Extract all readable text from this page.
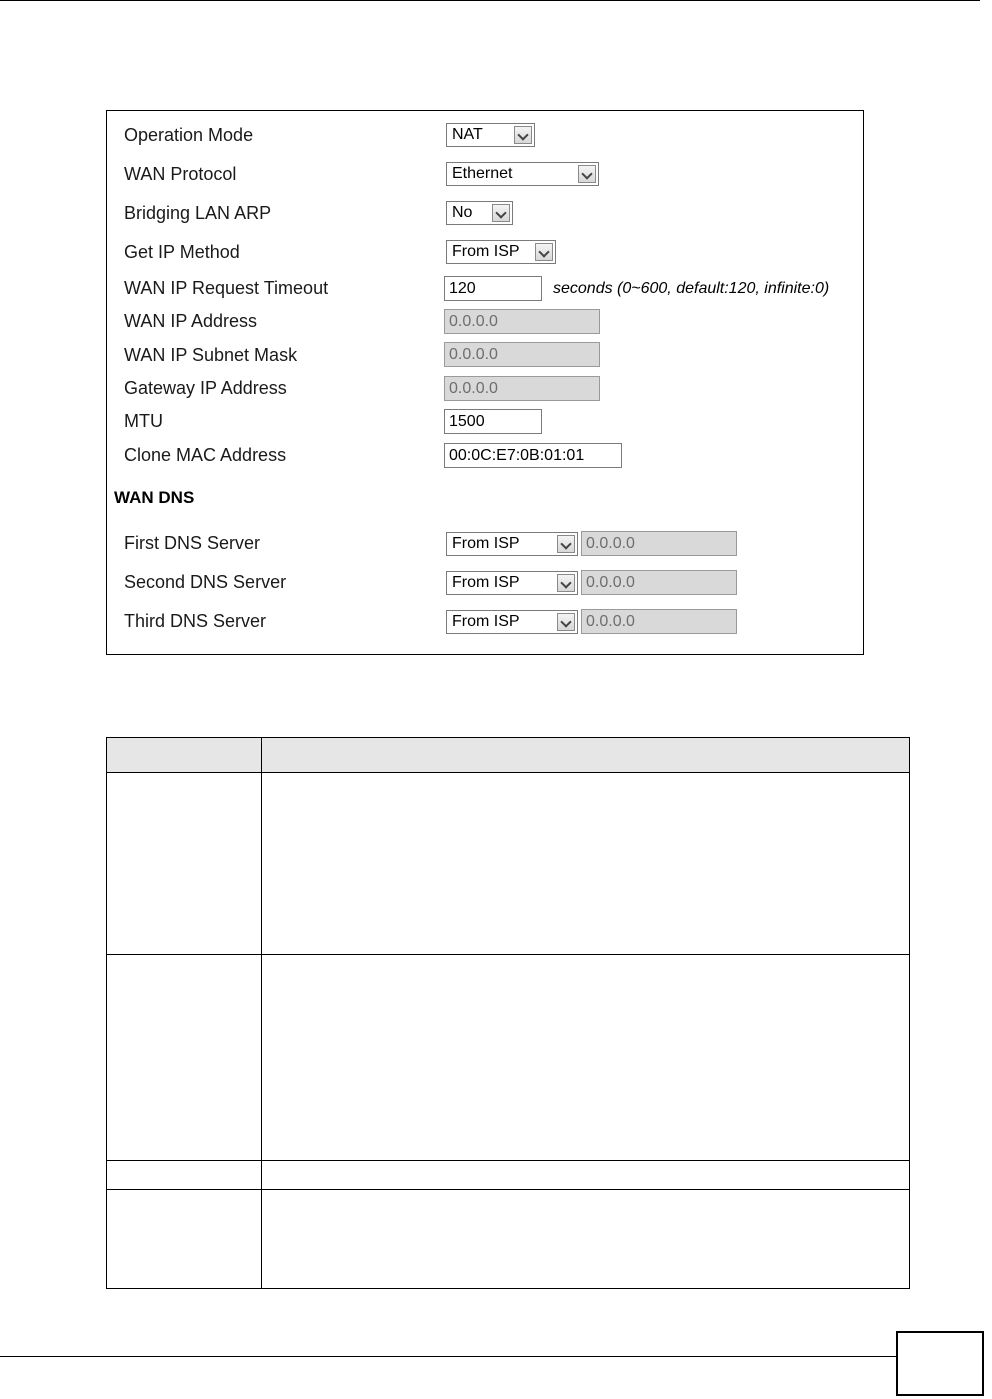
Operation Mode	NAT
WAN Protocol	Ethernet
Bridging LAN ARP	No
Get IP Method	From ISP
WAN IP Request Timeout	120	seconds (0~600, default:120, infinite:0)
WAN IP Address	0.0.0.0
WAN IP Subnet Mask	0.0.0.0
Gateway IP Address	0.0.0.0
MTU	1500
Clone MAC Address	00:0C:E7:0B:01:01
WAN DNS
First DNS Server	From ISP	0.0.0.0
Second DNS Server	From ISP	0.0.0.0
Third DNS Server	From ISP	0.0.0.0
